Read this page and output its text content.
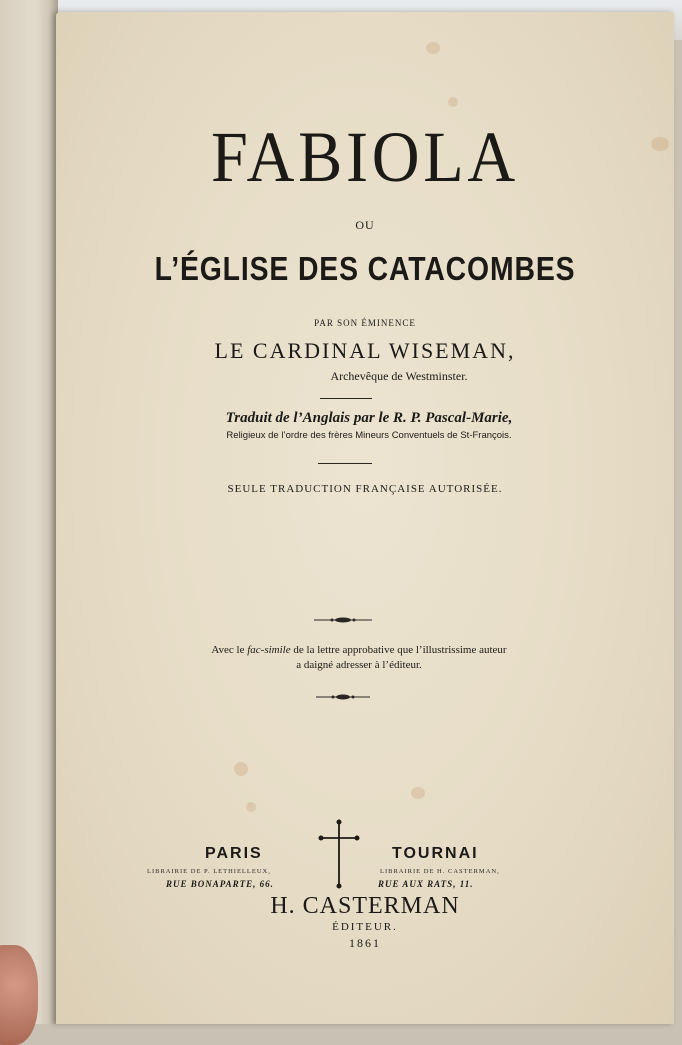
FABIOLA
OU
L’ÉGLISE DES CATACOMBES
PAR SON ÉMINENCE
LE CARDINAL WISEMAN,
Archevêque de Westminster.
Traduit de l’Anglais par le R. P. Pascal-Marie,
Religieux de l’ordre des frères Mineurs Conventuels de St-François.
SEULE TRADUCTION FRANÇAISE AUTORISÉE.
Avec le fac-simile de la lettre approbative que l’illustrissime auteur
a daigné adresser à l’éditeur.
PARIS
LIBRAIRIE DE P. LETHIELLEUX,
RUE BONAPARTE, 66.
TOURNAI
LIBRAIRIE DE H. CASTERMAN,
RUE AUX RATS, 11.
H. CASTERMAN
ÉDITEUR.
1861
